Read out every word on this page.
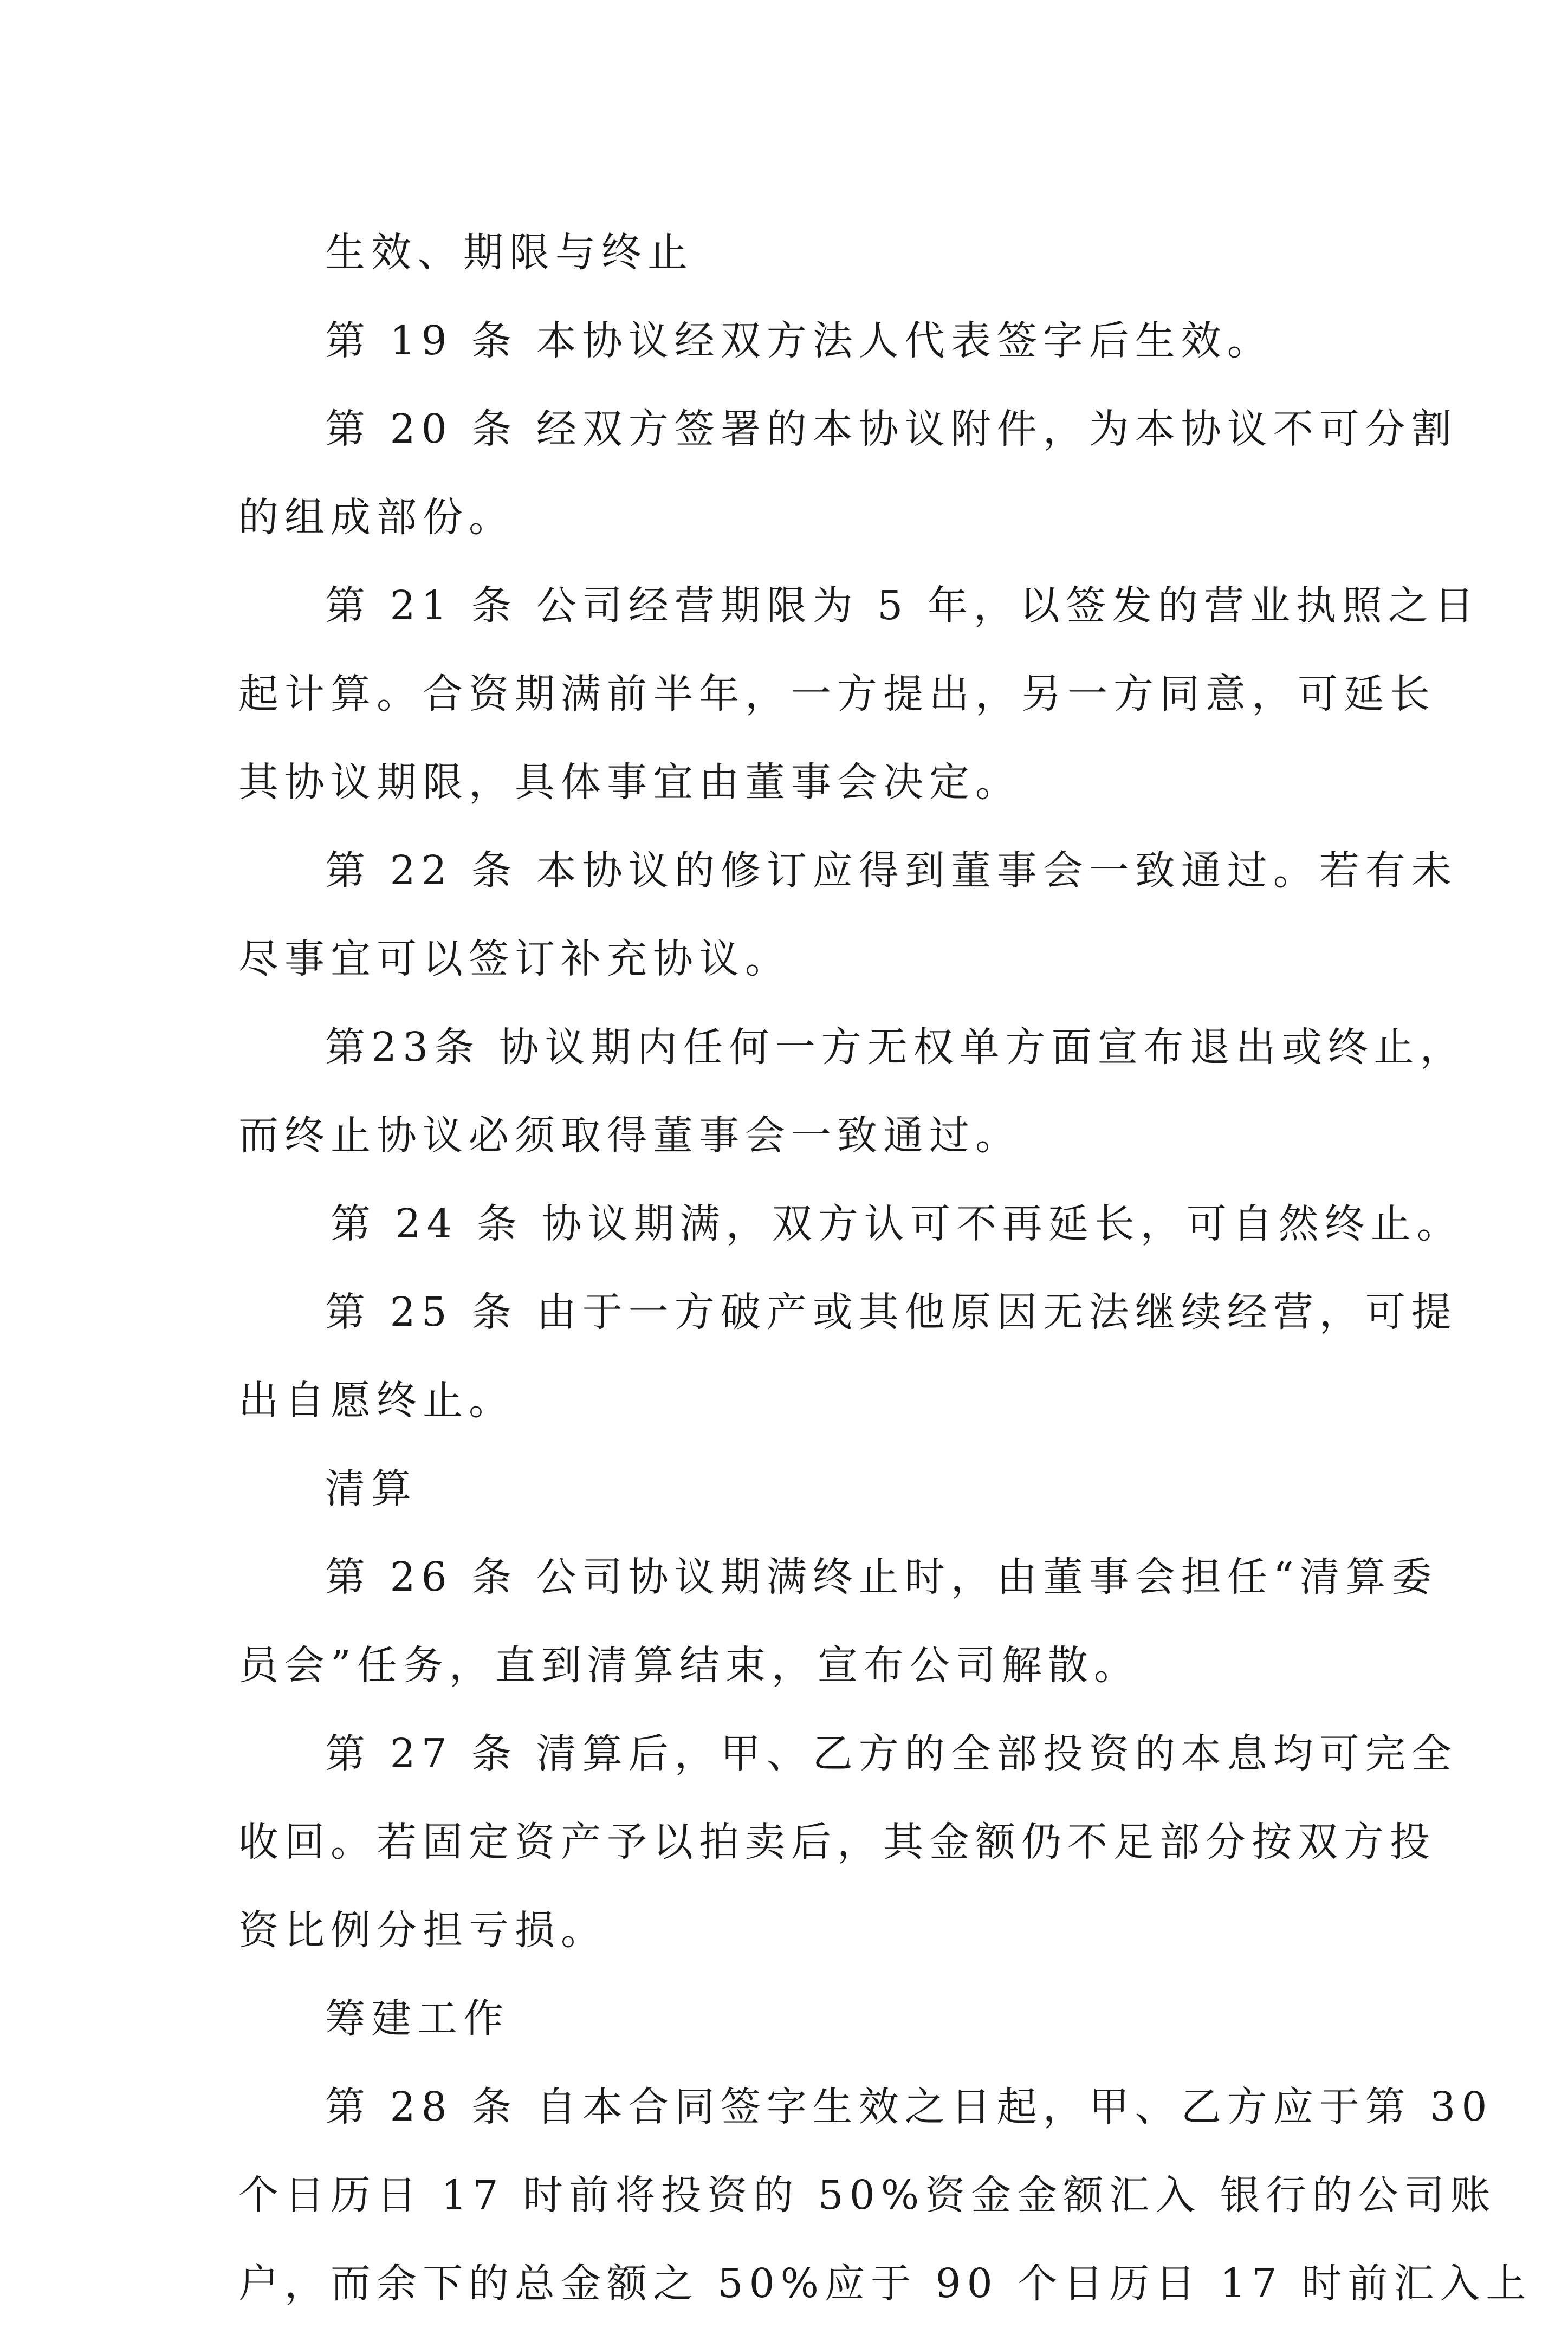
生效、期限与终止

第 19 条 本协议经双方法人代表签字后生效。

第 20 条 经双方签署的本协议附件，为本协议不可分割

的组成部份。

第 21 条 公司经营期限为 5 年，以签发的营业执照之日

起计算。合资期满前半年，一方提出，另一方同意，可延长

其协议期限，具体事宜由董事会决定。

第 22 条 本协议的修订应得到董事会一致通过。若有未

尽事宜可以签订补充协议。

第23条 协议期内任何一方无权单方面宣布退出或终止，

而终止协议必须取得董事会一致通过。

第 24 条 协议期满，双方认可不再延长，可自然终止。

第 25 条 由于一方破产或其他原因无法继续经营，可提

出自愿终止。

清算

第 26 条 公司协议期满终止时，由董事会担任“清算委

员会”任务，直到清算结束，宣布公司解散。

第 27 条 清算后，甲、乙方的全部投资的本息均可完全

收回。若固定资产予以拍卖后，其金额仍不足部分按双方投

资比例分担亏损。

筹建工作

第 28 条 自本合同签字生效之日起，甲、乙方应于第 30

个日历日 17 时前将投资的 50%资金金额汇入 银行的公司账

户，而余下的总金额之 50%应于 90 个日历日 17 时前汇入上
